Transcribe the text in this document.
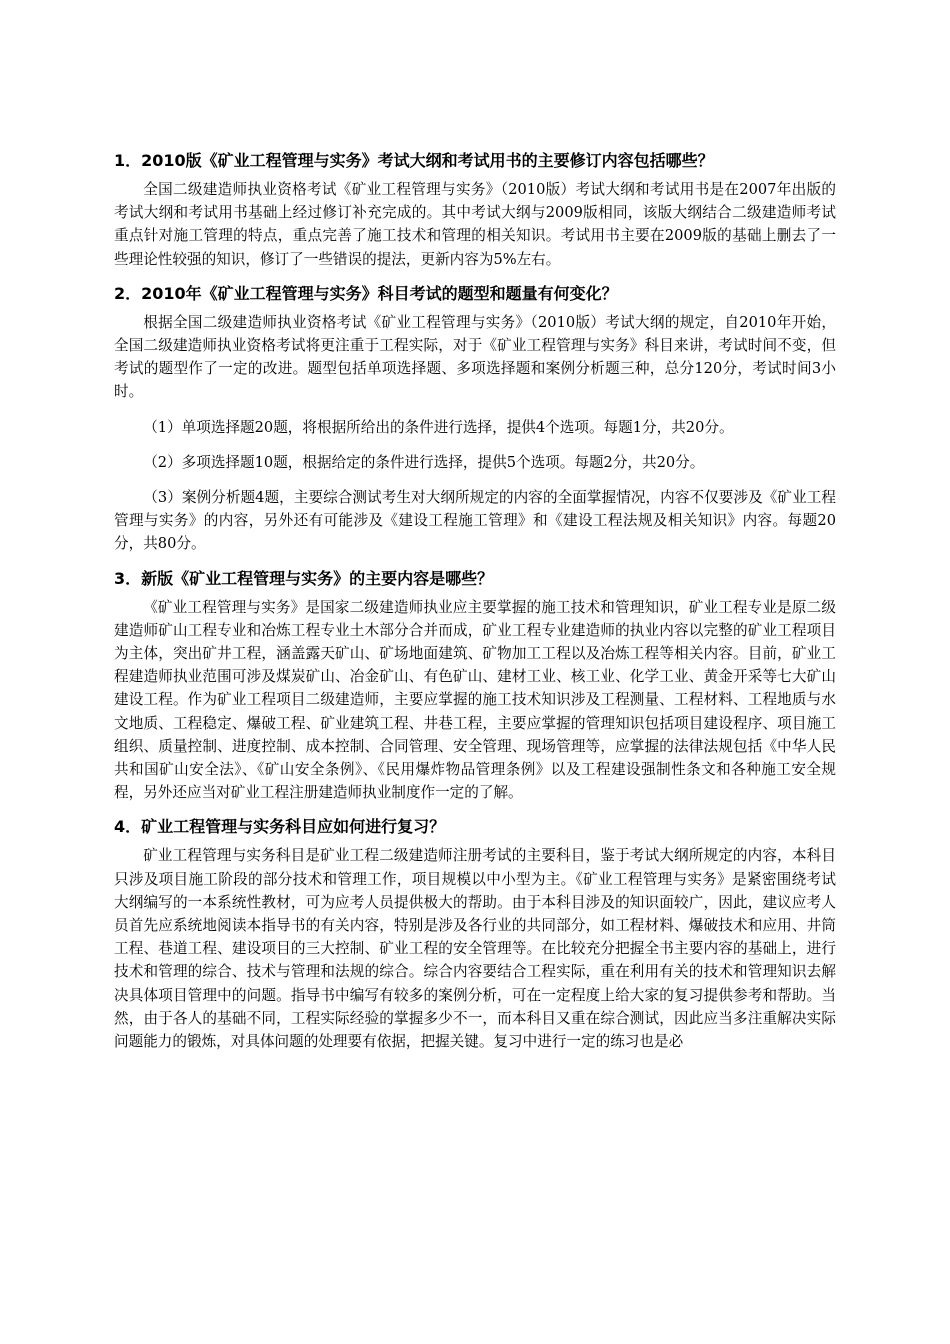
1．2010版《矿业工程管理与实务》考试大纲和考试用书的主要修订内容包括哪些？

全国二级建造师执业资格考试《矿业工程管理与实务》（2010版）考试大纲和考试用书是在2007年出版的考试大纲和考试用书基础上经过修订补充完成的。其中考试大纲与2009版相同，该版大纲结合二级建造师考试重点针对施工管理的特点，重点完善了施工技术和管理的相关知识。考试用书主要在2009版的基础上删去了一些理论性较强的知识，修订了一些错误的提法，更新内容为5%左右。

2．2010年《矿业工程管理与实务》科目考试的题型和题量有何变化？

根据全国二级建造师执业资格考试《矿业工程管理与实务》（2010版）考试大纲的规定，自2010年开始，全国二级建造师执业资格考试将更注重于工程实际，对于《矿业工程管理与实务》科目来讲，考试时间不变，但考试的题型作了一定的改进。题型包括单项选择题、多项选择题和案例分析题三种，总分120分，考试时间3小时。

（1）单项选择题20题，将根据所给出的条件进行选择，提供4个选项。每题1分，共20分。

（2）多项选择题10题，根据给定的条件进行选择，提供5个选项。每题2分，共20分。

（3）案例分析题4题，主要综合测试考生对大纲所规定的内容的全面掌握情况，内容不仅要涉及《矿业工程管理与实务》的内容，另外还有可能涉及《建设工程施工管理》和《建设工程法规及相关知识》内容。每题20分，共80分。

3．新版《矿业工程管理与实务》的主要内容是哪些？

《矿业工程管理与实务》是国家二级建造师执业应主要掌握的施工技术和管理知识，矿业工程专业是原二级建造师矿山工程专业和冶炼工程专业土木部分合并而成，矿业工程专业建造师的执业内容以完整的矿业工程项目为主体，突出矿井工程，涵盖露天矿山、矿场地面建筑、矿物加工工程以及冶炼工程等相关内容。目前，矿业工程建造师执业范围可涉及煤炭矿山、冶金矿山、有色矿山、建材工业、核工业、化学工业、黄金开采等七大矿山建设工程。作为矿业工程项目二级建造师，主要应掌握的施工技术知识涉及工程测量、工程材料、工程地质与水文地质、工程稳定、爆破工程、矿业建筑工程、井巷工程，主要应掌握的管理知识包括项目建设程序、项目施工组织、质量控制、进度控制、成本控制、合同管理、安全管理、现场管理等，应掌握的法律法规包括《中华人民共和国矿山安全法》、《矿山安全条例》、《民用爆炸物品管理条例》以及工程建设强制性条文和各种施工安全规程，另外还应当对矿业工程注册建造师执业制度作一定的了解。

4．矿业工程管理与实务科目应如何进行复习？

矿业工程管理与实务科目是矿业工程二级建造师注册考试的主要科目，鉴于考试大纲所规定的内容，本科目只涉及项目施工阶段的部分技术和管理工作，项目规模以中小型为主。《矿业工程管理与实务》是紧密围绕考试大纲编写的一本系统性教材，可为应考人员提供极大的帮助。由于本科目涉及的知识面较广，因此，建议应考人员首先应系统地阅读本指导书的有关内容，特别是涉及各行业的共同部分，如工程材料、爆破技术和应用、井筒工程、巷道工程、建设项目的三大控制、矿业工程的安全管理等。在比较充分把握全书主要内容的基础上，进行技术和管理的综合、技术与管理和法规的综合。综合内容要结合工程实际，重在利用有关的技术和管理知识去解决具体项目管理中的问题。指导书中编写有较多的案例分析，可在一定程度上给大家的复习提供参考和帮助。当然，由于各人的基础不同，工程实际经验的掌握多少不一，而本科目又重在综合测试，因此应当多注重解决实际问题能力的锻炼，对具体问题的处理要有依据，把握关键。复习中进行一定的练习也是必
